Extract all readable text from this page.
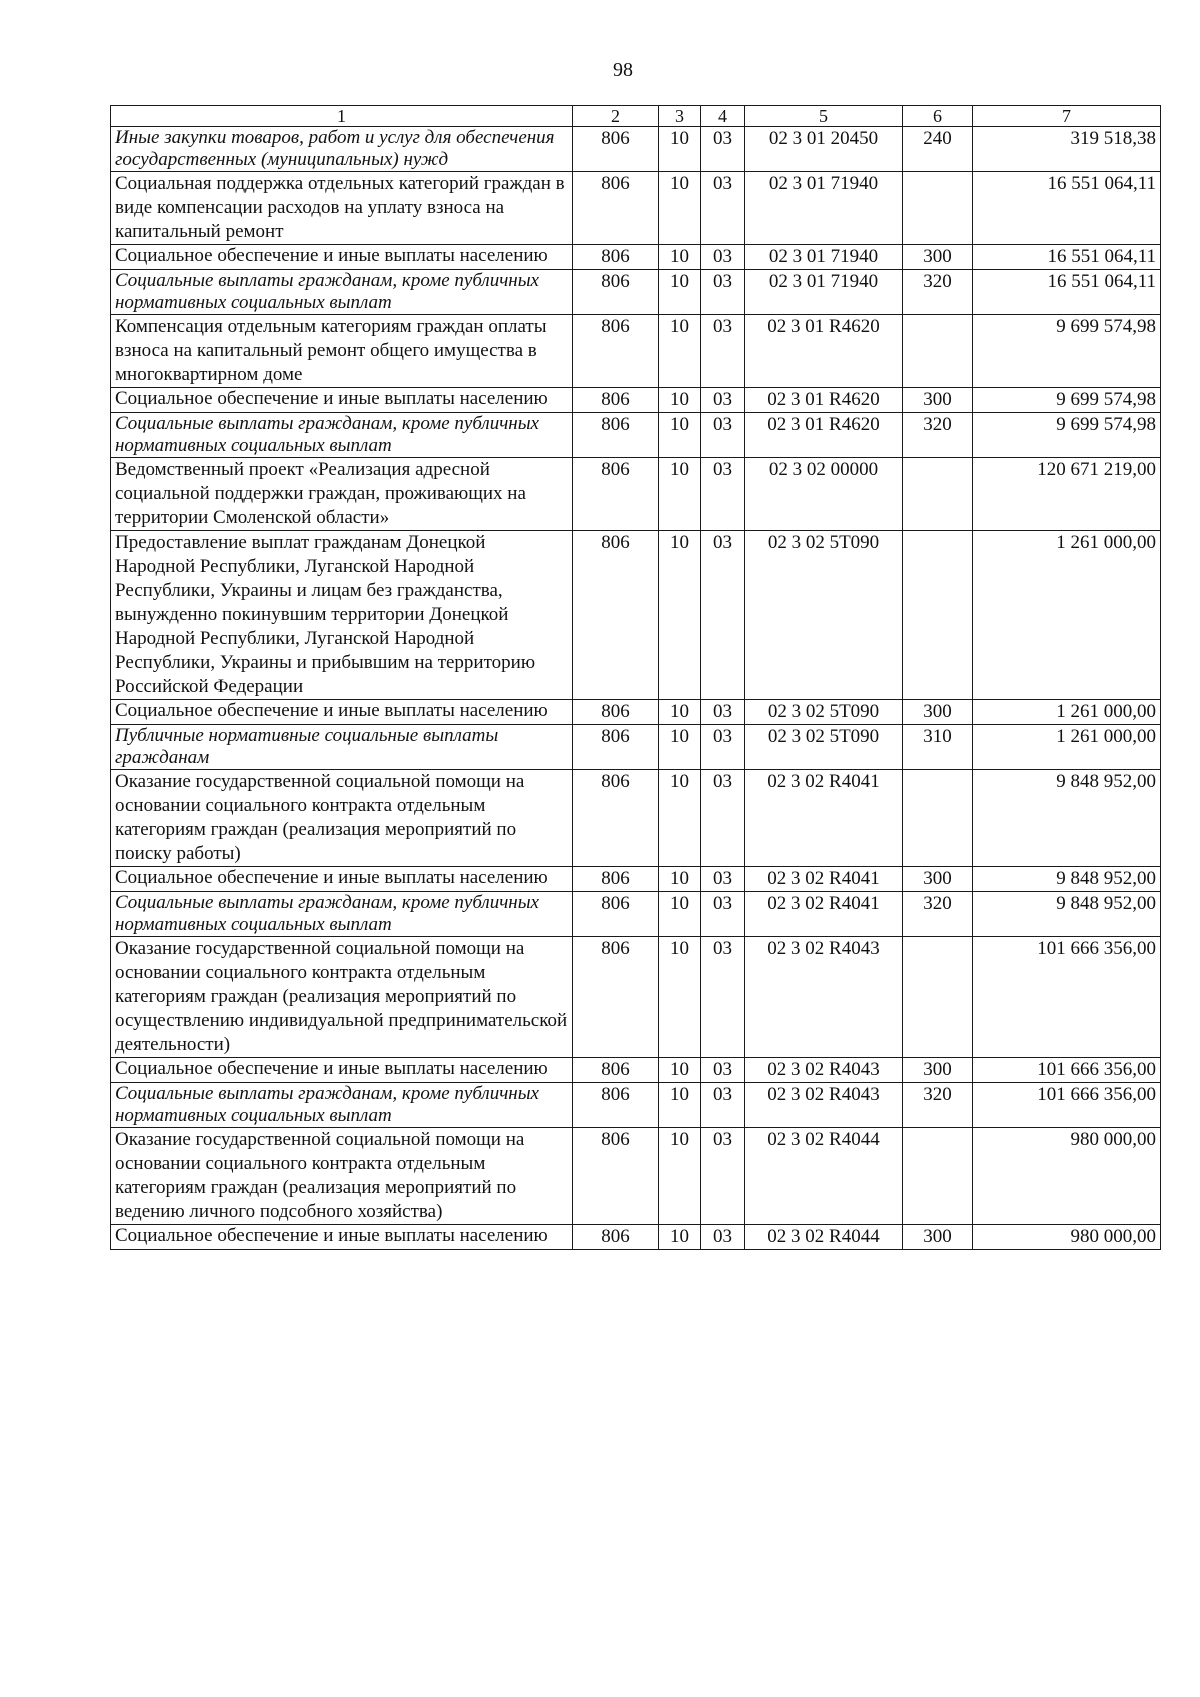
98
1	2	3	4	5	6	7
Иные закупки товаров, работ и услуг для обеспечения государственных (муниципальных) нужд	806	10	03	02 3 01 20450	240	319 518,38
Социальная поддержка отдельных категорий граждан в виде компенсации расходов на уплату взноса на капитальный ремонт	806	10	03	02 3 01 71940		16 551 064,11
Социальное обеспечение и иные выплаты населению	806	10	03	02 3 01 71940	300	16 551 064,11
Социальные выплаты гражданам, кроме публичных нормативных социальных выплат	806	10	03	02 3 01 71940	320	16 551 064,11
Компенсация отдельным категориям граждан оплаты взноса на капитальный ремонт общего имущества в многоквартирном доме	806	10	03	02 3 01 R4620		9 699 574,98
Социальное обеспечение и иные выплаты населению	806	10	03	02 3 01 R4620	300	9 699 574,98
Социальные выплаты гражданам, кроме публичных нормативных социальных выплат	806	10	03	02 3 01 R4620	320	9 699 574,98
Ведомственный проект «Реализация адресной социальной поддержки граждан, проживающих на территории Смоленской области»	806	10	03	02 3 02 00000		120 671 219,00
Предоставление выплат гражданам Донецкой Народной Республики, Луганской Народной Республики, Украины и лицам без гражданства, вынужденно покинувшим территории Донецкой Народной Республики, Луганской Народной Республики, Украины и прибывшим на территорию Российской Федерации	806	10	03	02 3 02 5T090		1 261 000,00
Социальное обеспечение и иные выплаты населению	806	10	03	02 3 02 5T090	300	1 261 000,00
Публичные нормативные социальные выплаты гражданам	806	10	03	02 3 02 5T090	310	1 261 000,00
Оказание государственной социальной помощи на основании социального контракта отдельным категориям граждан (реализация мероприятий по поиску работы)	806	10	03	02 3 02 R4041		9 848 952,00
Социальное обеспечение и иные выплаты населению	806	10	03	02 3 02 R4041	300	9 848 952,00
Социальные выплаты гражданам, кроме публичных нормативных социальных выплат	806	10	03	02 3 02 R4041	320	9 848 952,00
Оказание государственной социальной помощи на основании социального контракта отдельным категориям граждан (реализация мероприятий по осуществлению индивидуальной предпринимательской деятельности)	806	10	03	02 3 02 R4043		101 666 356,00
Социальное обеспечение и иные выплаты населению	806	10	03	02 3 02 R4043	300	101 666 356,00
Социальные выплаты гражданам, кроме публичных нормативных социальных выплат	806	10	03	02 3 02 R4043	320	101 666 356,00
Оказание государственной социальной помощи на основании социального контракта отдельным категориям граждан (реализация мероприятий по ведению личного подсобного хозяйства)	806	10	03	02 3 02 R4044		980 000,00
Социальное обеспечение и иные выплаты населению	806	10	03	02 3 02 R4044	300	980 000,00
